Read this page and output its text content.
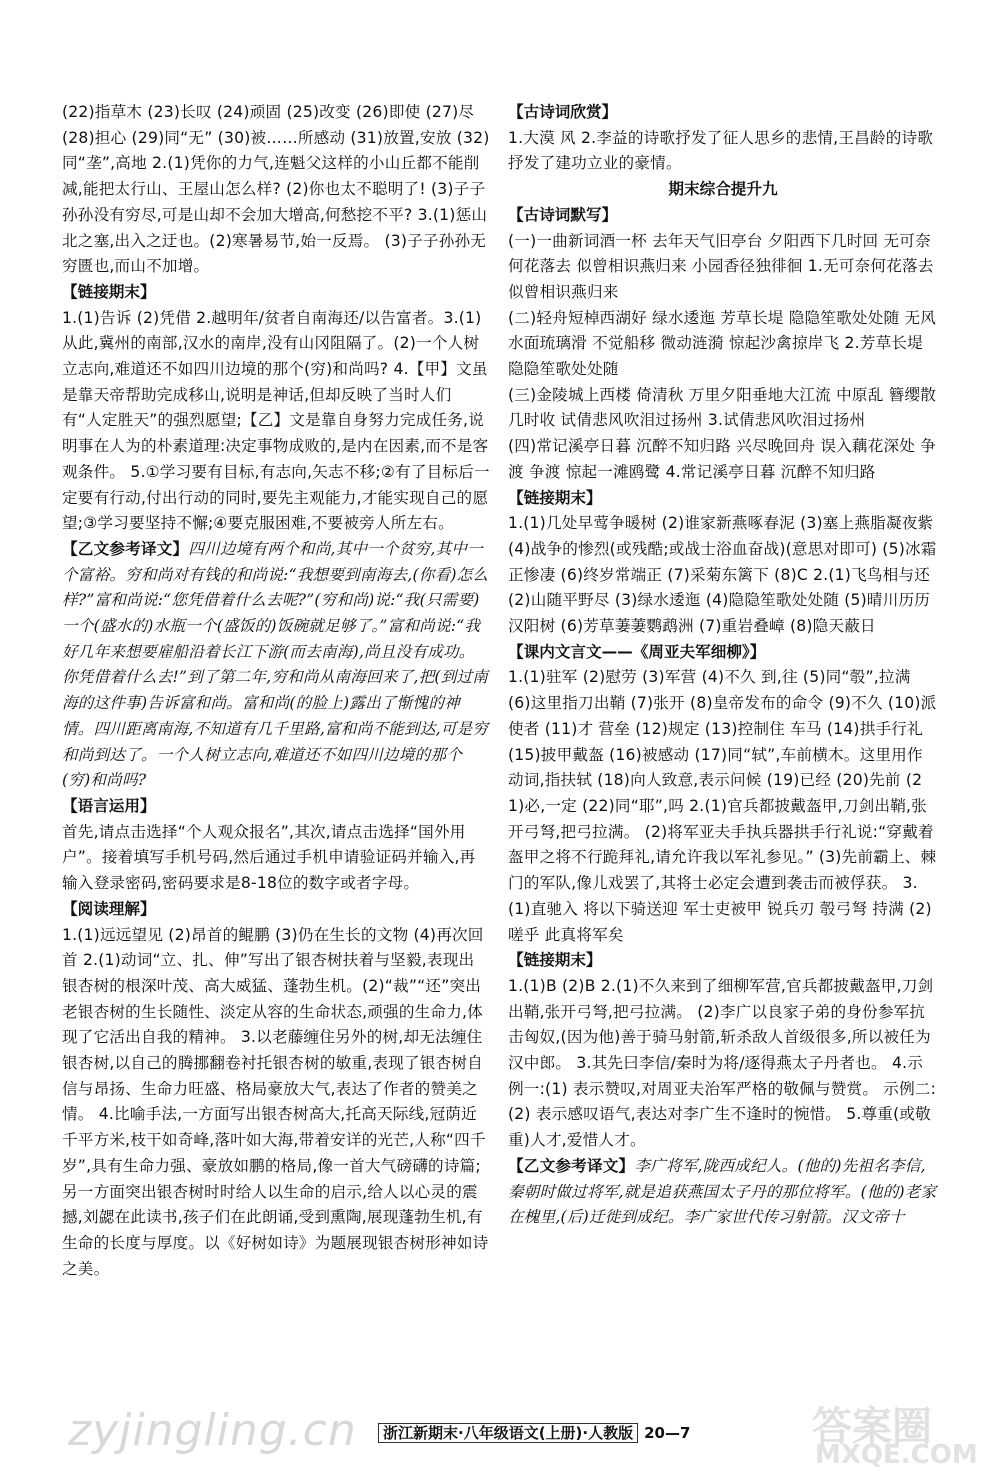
(22)指草木 (23)长叹 (24)顽固 (25)改变 (26)即使 (27)尽 (28)担心 (29)同“无” (30)被……所感动 (31)放置,安放 (32)同“垄”,高地 2.(1)凭你的力气,连魁父这样的小山丘都不能削减,能把太行山、王屋山怎么样? (2)你也太不聪明了! (3)子子孙孙没有穷尽,可是山却不会加大增高,何愁挖不平? 3.(1)惩山北之塞,出入之迂也。(2)寒暑易节,始一反焉。 (3)子子孙孙无穷匮也,而山不加增。

【 链接期末 】

1.(1)告诉 (2)凭借 2.越明年/贫者自南海还/以告富者。3.(1)从此,冀州的南部,汉水的南岸,没有山冈阻隔了。(2)一个人树立志向,难道还不如四川边境的那个(穷)和尚吗? 4.【甲】文虽是靠天帝帮助完成移山,说明是神话,但却反映了当时人们有“人定胜天”的强烈愿望;【乙】文是靠自身努力完成任务,说明事在人为的朴素道理:决定事物成败的,是内在因素,而不是客观条件。 5.①学习要有目标,有志向,矢志不移;②有了目标后一定要有行动,付出行动的同时,要先主观能力,才能实现自己的愿望;③学习要坚持不懈;④要克服困难,不要被旁人所左右。

【乙文参考译文】四川边境有两个和尚,其中一个贫穷,其中一个富裕。穷和尚对有钱的和尚说:“我想要到南海去,(你看)怎么样?”富和尚说:“您凭借着什么去呢?”(穷和尚)说:“我(只需要)一个(盛水的)水瓶一个(盛饭的)饭碗就足够了。”富和尚说:“我好几年来想要雇船沿着长江下游(而去南海),尚且没有成功。你凭借着什么去!”到了第二年,穷和尚从南海回来了,把(到过南海的这件事)告诉富和尚。富和尚(的脸上)露出了惭愧的神情。四川距离南海,不知道有几千里路,富和尚不能到达,可是穷和尚到达了。一个人树立志向,难道还不如四川边境的那个(穷)和尚吗?

【 语言运用 】

首先,请点击选择“个人观众报名”,其次,请点击选择“国外用户”。接着填写手机号码,然后通过手机申请验证码并输入,再输入登录密码,密码要求是8-18位的数字或者字母。

【 阅读理解 】

1.(1)远远望见 (2)昂首的鲲鹏 (3)仍在生长的文物 (4)再次回首 2.(1)动词“立、扎、伸”写出了银杏树扶着与坚毅,表现出银杏树的根深叶茂、高大威猛、蓬勃生机。(2)“裁”“还”突出老银杏树的生长随性、淡定从容的生命状态,顽强的生命力,体现了它活出自我的精神。 3.以老藤缠住另外的树,却无法缠住银杏树,以自己的腾挪翻卷衬托银杏树的敏重,表现了银杏树自信与昂扬、生命力旺盛、格局豪放大气,表达了作者的赞美之情。 4.比喻手法,一方面写出银杏树高大,托高天际线,冠荫近千平方米,枝干如奇峰,落叶如大海,带着安详的光芒,人称“四千岁”,具有生命力强、豪放如鹏的格局,像一首大气磅礴的诗篇;另一方面突出银杏树时时给人以生命的启示,给人以心灵的震撼,刘勰在此读书,孩子们在此朗诵,受到熏陶,展现蓬勃生机,有生命的长度与厚度。以《好树如诗》为题展现银杏树形神如诗之美。

【 古诗词欣赏 】

1.大漠 风 2.李益的诗歌抒发了征人思乡的悲情,王昌龄的诗歌抒发了建功立业的豪情。

期末综合提升九
【 古诗词默写 】

(一)一曲新词酒一杯 去年天气旧亭台 夕阳西下几时回 无可奈何花落去 似曾相识燕归来 小园香径独徘徊 1.无可奈何花落去 似曾相识燕归来

(二)轻舟短棹西湖好 绿水逶迤 芳草长堤 隐隐笙歌处处随 无风水面琉璃滑 不觉船移 微动涟漪 惊起沙禽掠岸飞 2.芳草长堤 隐隐笙歌处处随

(三)金陵城上西楼 倚清秋 万里夕阳垂地大江流 中原乱 簪缨散 几时收 试倩悲风吹泪过扬州 3.试倩悲风吹泪过扬州

(四)常记溪亭日暮 沉醉不知归路 兴尽晚回舟 误入藕花深处 争渡 争渡 惊起一滩鸥鹭 4.常记溪亭日暮 沉醉不知归路

【 链接期末 】

1.(1)几处早莺争暖树 (2)谁家新燕啄春泥 (3)塞上燕脂凝夜紫 (4)战争的惨烈(或残酷;或战士浴血奋战)(意思对即可) (5)冰霜正惨凄 (6)终岁常端正 (7)采菊东篱下 (8)C 2.(1)飞鸟相与还 (2)山随平野尽 (3)绿水逶迤 (4)隐隐笙歌处处随 (5)晴川历历汉阳树 (6)芳草萋萋鹦鹉洲 (7)重岩叠嶂 (8)隐天蔽日

【 课内文言文——《周亚夫军细柳》 】

1.(1)驻军 (2)慰劳 (3)军营 (4)不久 到,往 (5)同“彀”,拉满 (6)这里指刀出鞘 (7)张开 (8)皇帝发布的命令 (9)不久 (10)派 使者 (11)才 营垒 (12)规定 (13)控制住 车马 (14)拱手行礼 (15)披甲戴盔 (16)被感动 (17)同“轼”,车前横木。这里用作动词,指扶轼 (18)向人致意,表示问候 (19)已经 (20)先前 (21)必,一定 (22)同“耶”,吗 2.(1)官兵都披戴盔甲,刀剑出鞘,张开弓弩,把弓拉满。 (2)将军亚夫手执兵器拱手行礼说:“穿戴着盔甲之将不行跪拜礼,请允许我以军礼参见。” (3)先前霸上、棘门的军队,像儿戏罢了,其将士必定会遭到袭击而被俘获。 3.(1)直驰入 将以下骑送迎 军士吏被甲 锐兵刃 彀弓弩 持满 (2)嗟乎 此真将军矣

【 链接期末 】

1.(1)B (2)B 2.(1)不久来到了细柳军营,官兵都披戴盔甲,刀剑出鞘,张开弓弩,把弓拉满。 (2)李广以良家子弟的身份参军抗击匈奴,(因为他)善于骑马射箭,斩杀敌人首级很多,所以被任为汉中郎。 3.其先曰李信/秦时为将/逐得燕太子丹者也。 4.示例一:(1) 表示赞叹,对周亚夫治军严格的敬佩与赞赏。 示例二:(2) 表示感叹语气,表达对李广生不逢时的惋惜。 5.尊重(或敬重)人才,爱惜人才。

【乙文参考译文】李广将军,陇西成纪人。(他的)先祖名李信,秦朝时做过将军,就是追获燕国太子丹的那位将军。(他的)老家在槐里,(后)迁徙到成纪。李广家世代传习射箭。汉文帝十

浙江新期末·八年级语文(上册)·人教版 20—7
zyjingling.cn	答案圈
MXQE.COM
